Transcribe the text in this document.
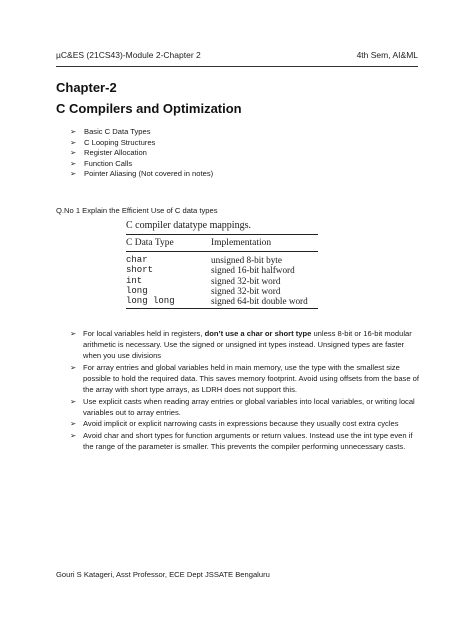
µC&ES (21CS43)-Module 2-Chapter 2	4th Sem, AI&ML
Chapter-2
C Compilers and Optimization
➢	Basic C Data Types
➢	C Looping Structures
➢	Register Allocation
➢	Function Calls
➢	Pointer Aliasing (Not covered in notes)
Q.No 1 Explain the Efficient Use of C data types
C compiler datatype mappings.
C Data Type	Implementation
char	unsigned 8-bit byte
short	signed 16-bit halfword
int	signed 32-bit word
long	signed 32-bit word
long long	signed 64-bit double word
➢ For local variables held in registers, don’t use a char or short type unless 8-bit or 16-bit modular arithmetic is necessary. Use the signed or unsigned int types instead. Unsigned types are faster when you use divisions
➢ For array entries and global variables held in main memory, use the type with the smallest size possible to hold the required data. This saves memory footprint. Avoid using offsets from the base of the array with short type arrays, as LDRH does not support this.
➢ Use explicit casts when reading array entries or global variables into local variables, or writing local variables out to array entries.
➢ Avoid implicit or explicit narrowing casts in expressions because they usually cost extra cycles
➢ Avoid char and short types for function arguments or return values. Instead use the int type even if the range of the parameter is smaller. This prevents the compiler performing unnecessary casts.
Gouri S Katageri, Asst Professor, ECE Dept JSSATE Bengaluru
